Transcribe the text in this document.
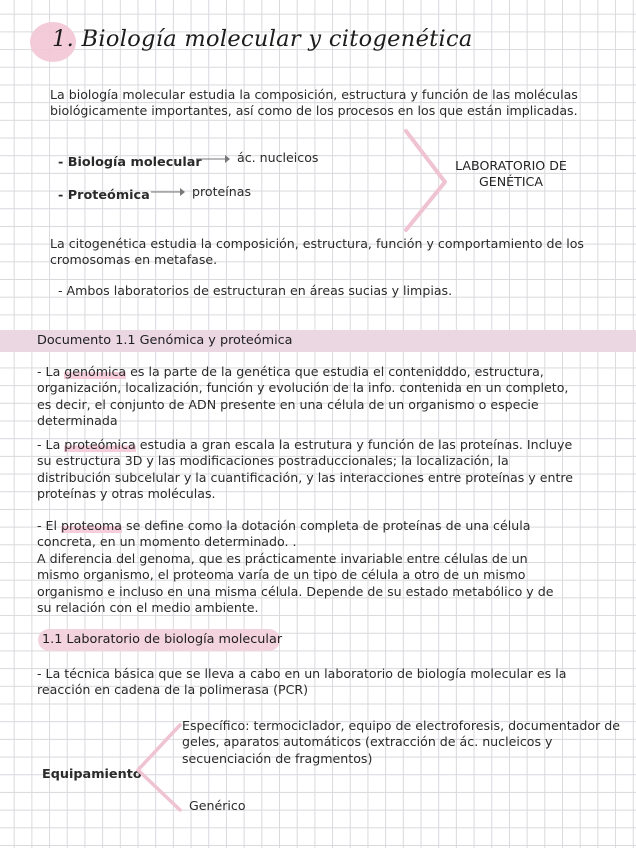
1. Biología molecular y citogenética
La biología molecular estudia la composición, estructura y función de las moléculas biológicamente importantes, así como de los procesos en los que están implicadas.
- Biología molecular	ác. nucleicos
- Proteómica	proteínas
LABORATORIO DE GENÉTICA
La citogenética estudia la composición, estructura, función y comportamiento de los cromosomas en metafase.
- Ambos laboratorios de estructuran en áreas sucias y limpias.
Documento 1.1 Genómica y proteómica
- La genómica es la parte de la genética que estudia el contenidddo, estructura, organización, localización, función y evolución de la info. contenida en un completo, es decir, el conjunto de ADN presente en una célula de un organismo o especie determinada
- La proteómica estudia a gran escala la estrutura y función de las proteínas. Incluye su estructura 3D y las modificaciones postraduccionales; la localización, la distribución subcelular y la cuantificación, y las interacciones entre proteínas y entre proteínas y otras moléculas.
- El proteoma se define como la dotación completa de proteínas de una célula concreta, en un momento determinado. .
A diferencia del genoma, que es prácticamente invariable entre células de un mismo organismo, el proteoma varía de un tipo de célula a otro de un mismo organismo e incluso en una misma célula. Depende de su estado metabólico y de su relación con el medio ambiente.
1.1 Laboratorio de biología molecular
- La técnica básica que se lleva a cabo en un laboratorio de biología molecular es la reacción en cadena de la polimerasa (PCR)
Equipamiento
Específico: termociclador, equipo de electroforesis, documentador de geles, aparatos automáticos (extracción de ác. nucleicos y secuenciación de fragmentos)
Genérico
